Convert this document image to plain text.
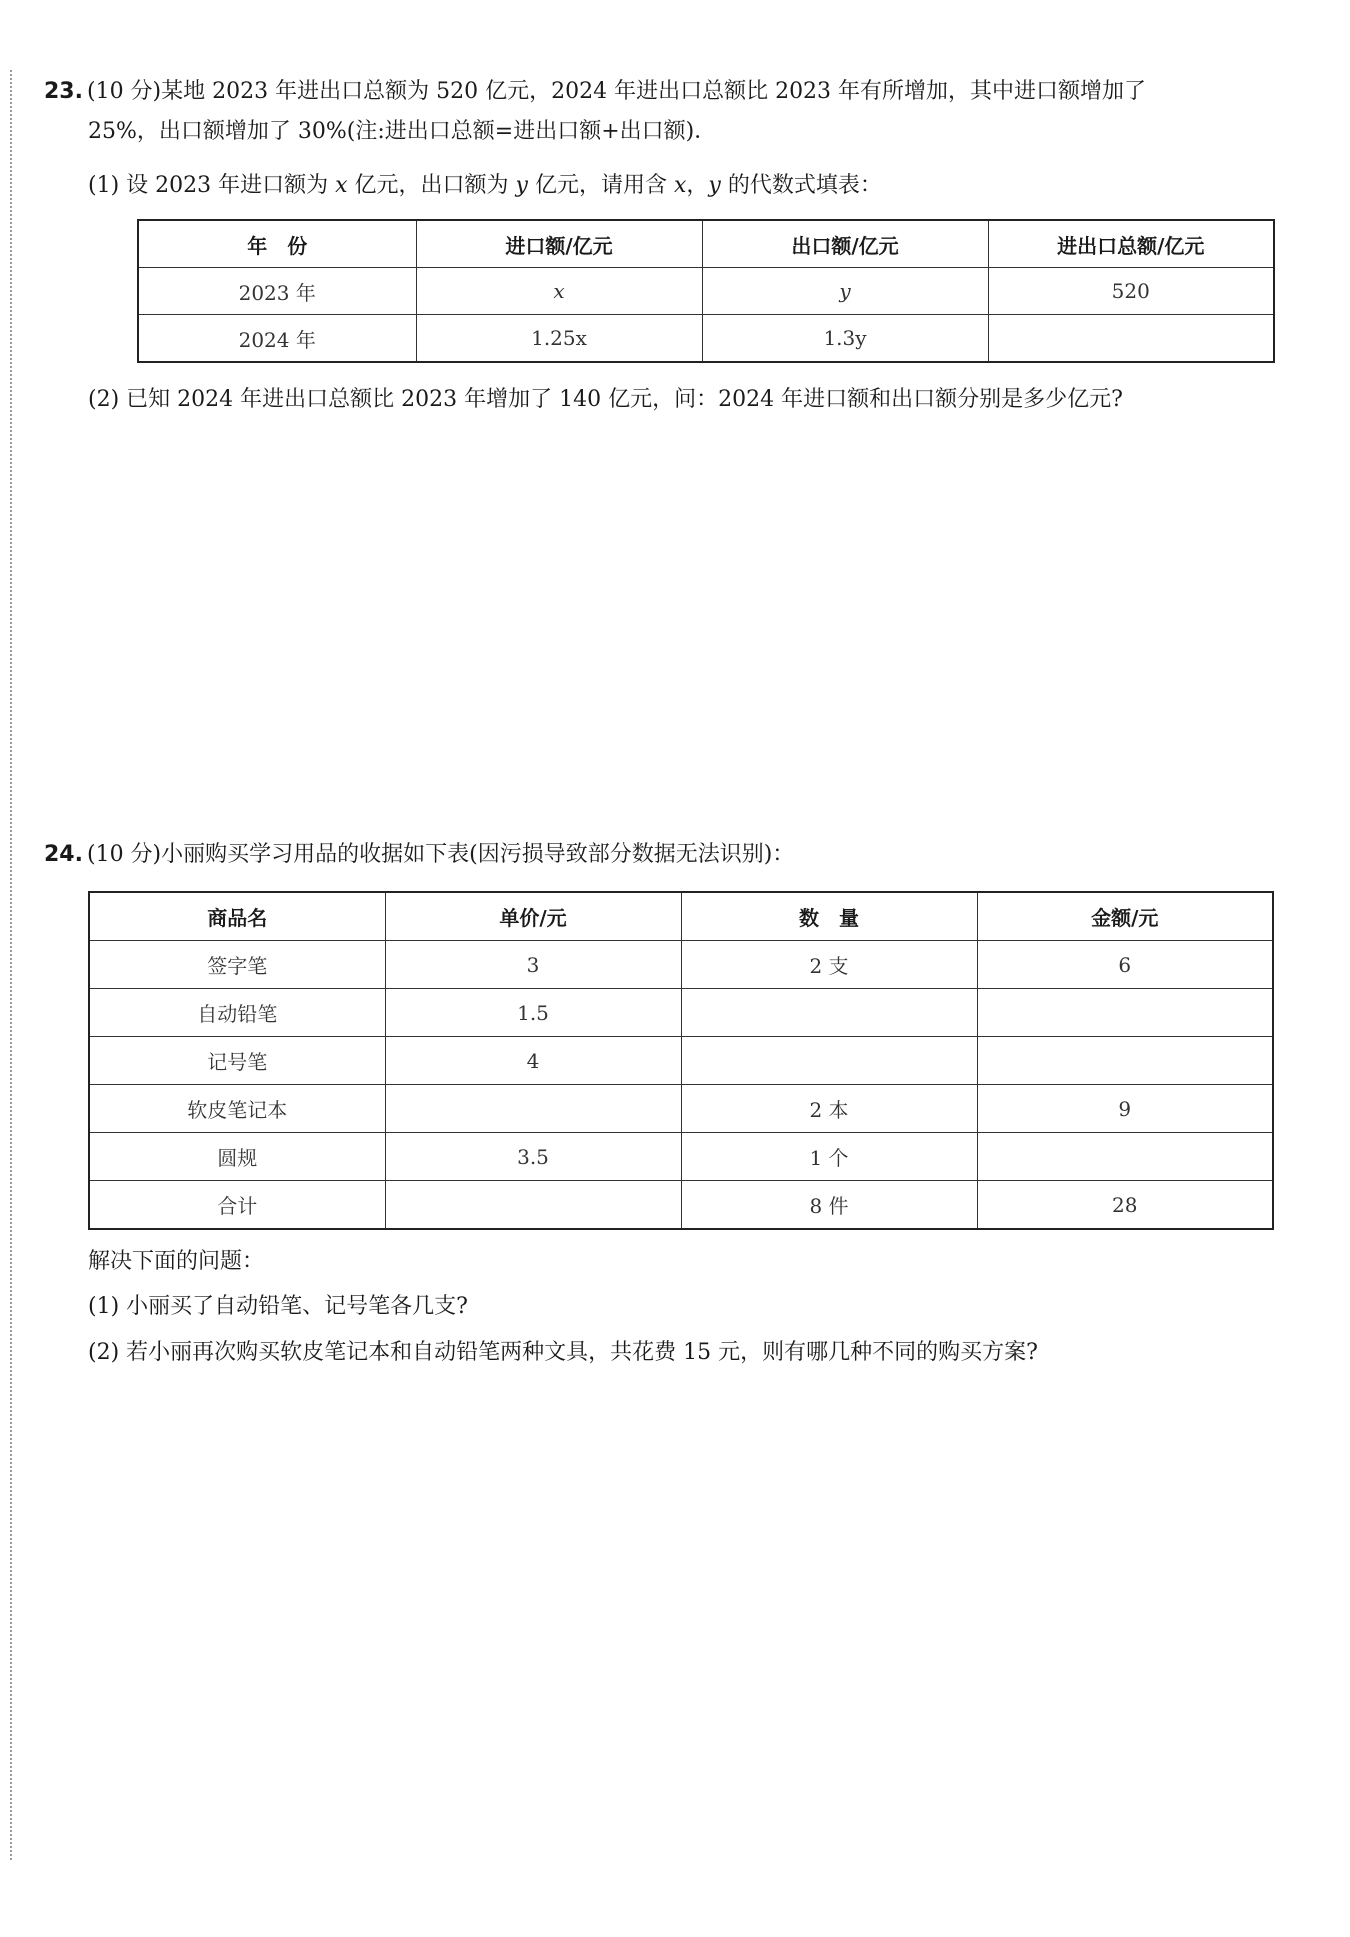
23. (10 分)某地 2023 年进出口总额为 520 亿元，2024 年进出口总额比 2023 年有所增加，其中进口额增加了
25%，出口额增加了 30%(注:进出口总额=进出口额+出口额)．
(1) 设 2023 年进口额为 x 亿元，出口额为 y 亿元，请用含 x，y 的代数式填表：
年　份	进口额/亿元	出口额/亿元	进出口总额/亿元
2023 年	x	y	520
2024 年	1.25x	1.3y	
(2) 已知 2024 年进出口总额比 2023 年增加了 140 亿元，问：2024 年进口额和出口额分别是多少亿元?
24. (10 分)小丽购买学习用品的收据如下表(因污损导致部分数据无法识别)：
商品名	单价/元	数　量	金额/元
签字笔	3	2 支	6
自动铅笔	1.5		
记号笔	4		
软皮笔记本		2 本	9
圆规	3.5	1 个	
合计		8 件	28
解决下面的问题：
(1) 小丽买了自动铅笔、记号笔各几支?
(2) 若小丽再次购买软皮笔记本和自动铅笔两种文具，共花费 15 元，则有哪几种不同的购买方案?
